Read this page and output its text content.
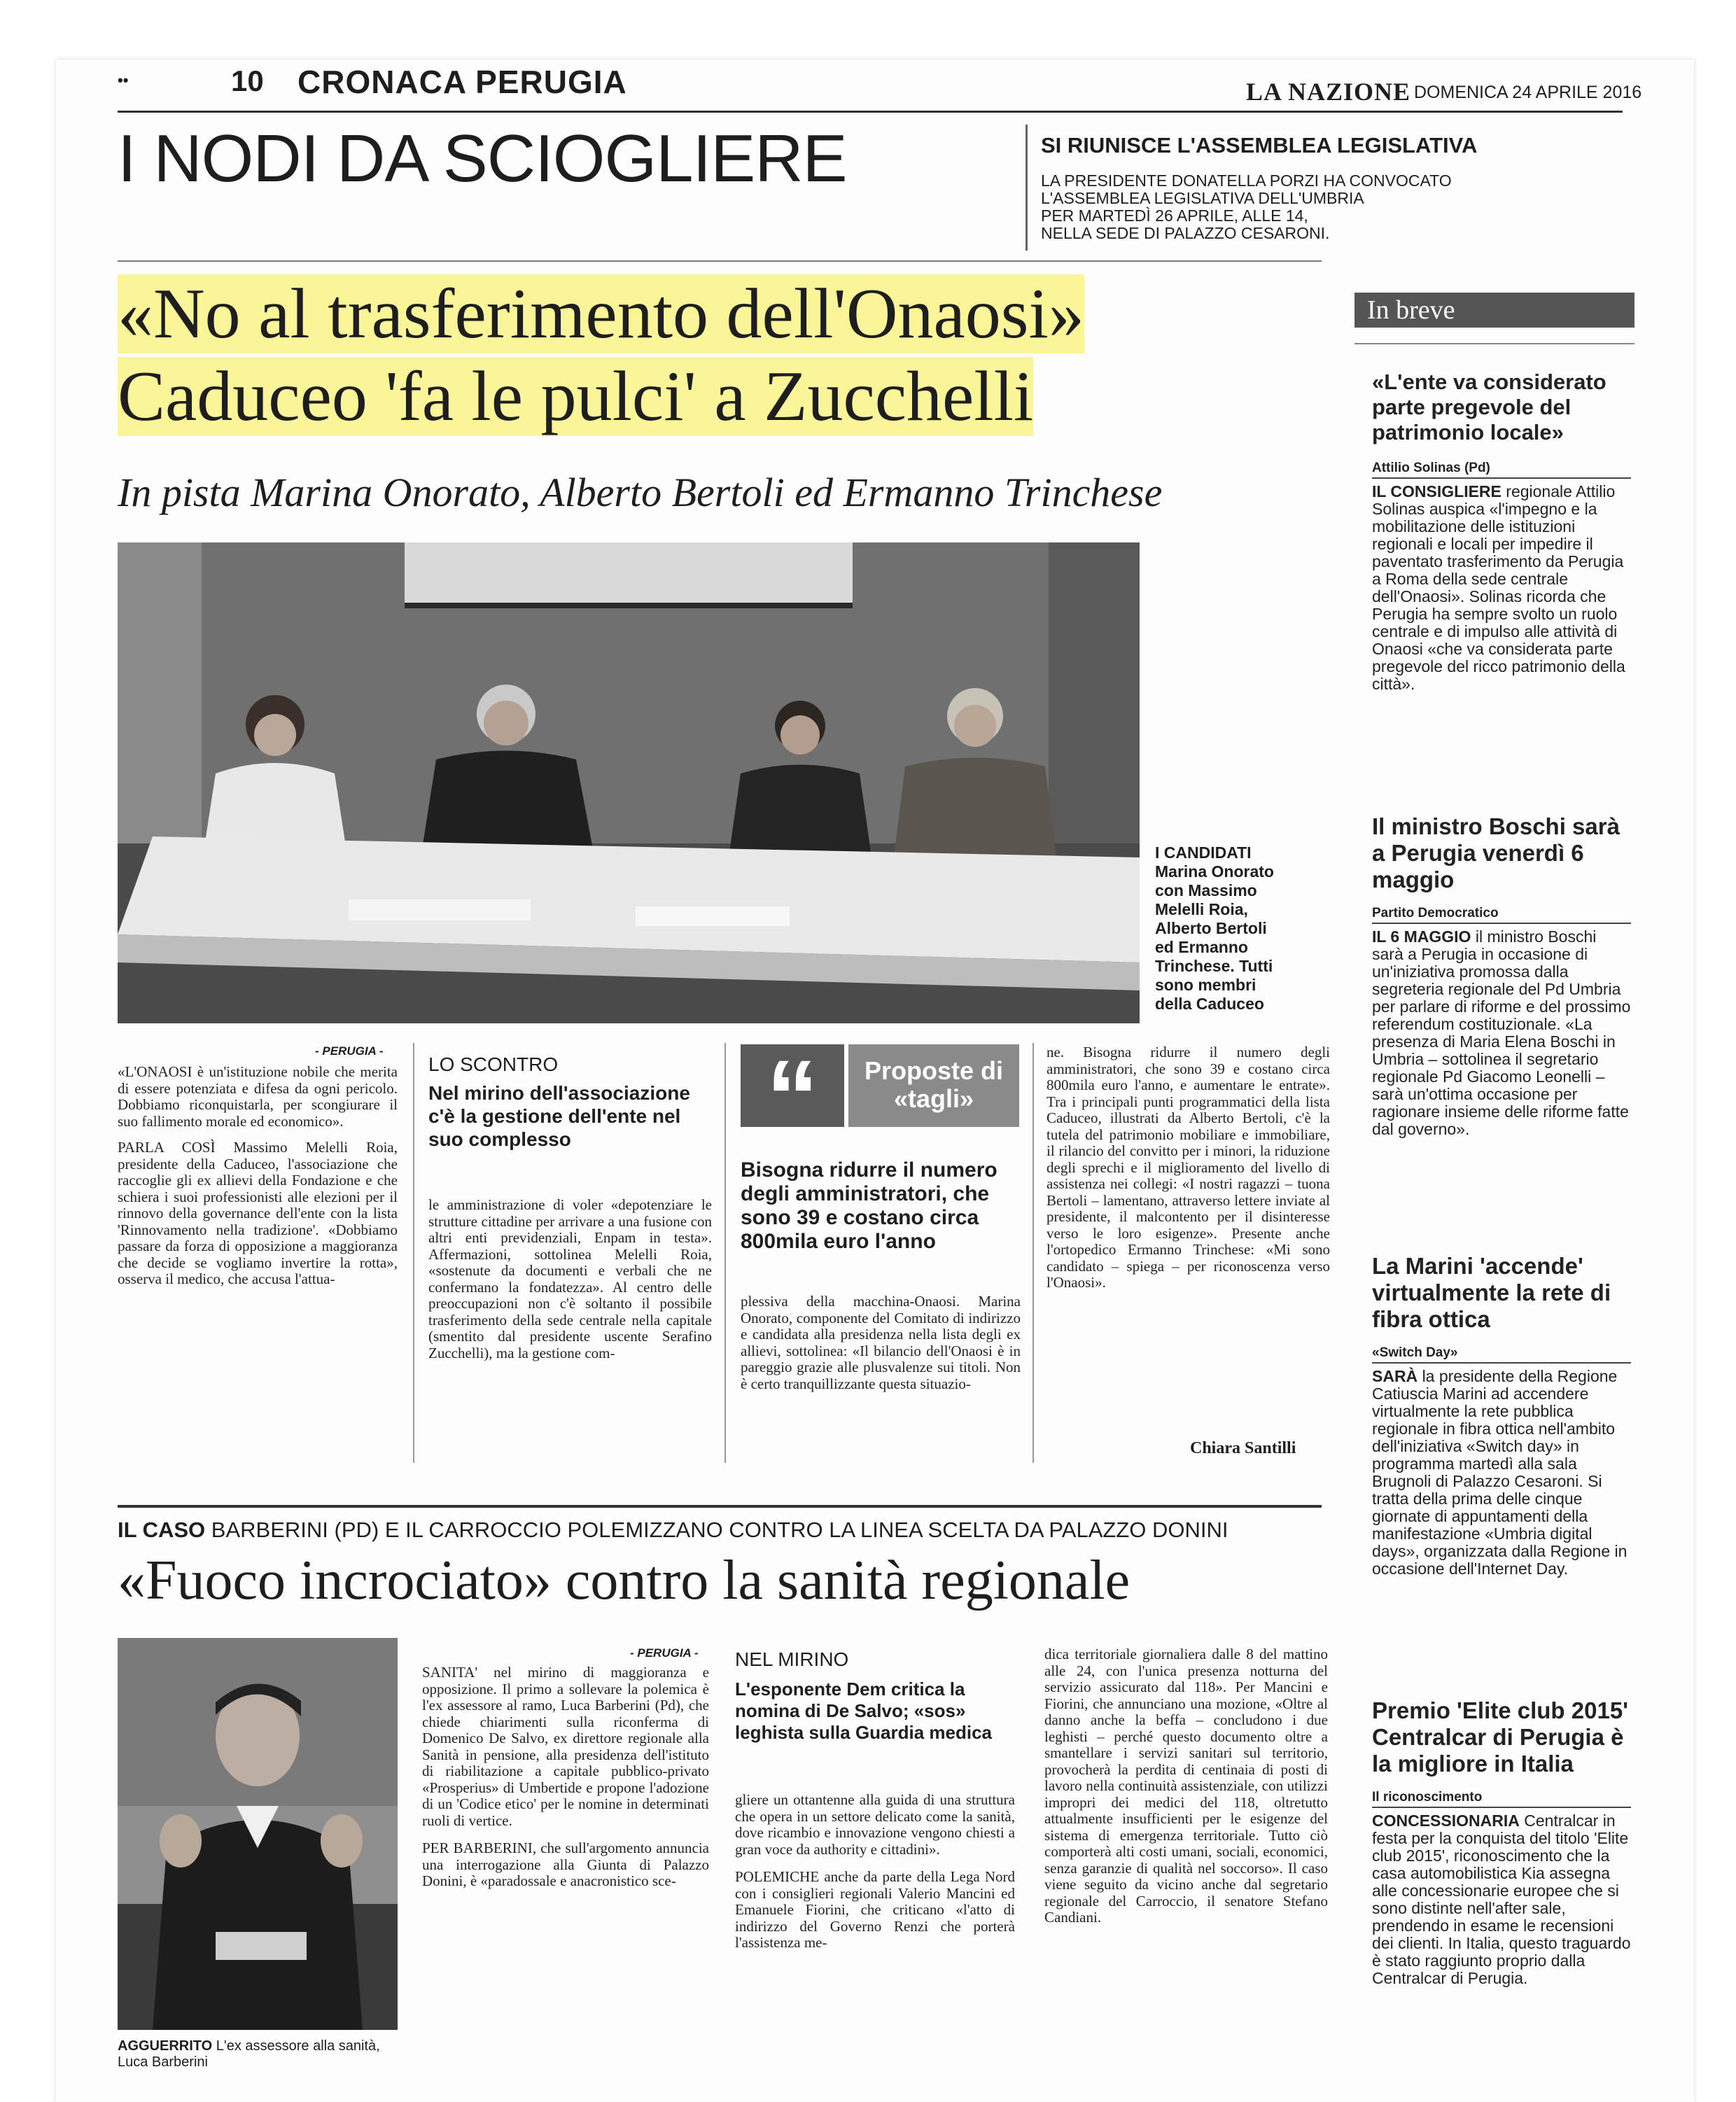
••	10 CRONACA PERUGIA	LA NAZIONE DOMENICA 24 APRILE 2016
I NODI DA SCIOGLIERE	SI RIUNISCE L'ASSEMBLEA LEGISLATIVA
LA PRESIDENTE DONATELLA PORZI HA CONVOCATO
L'ASSEMBLEA LEGISLATIVA DELL'UMBRIA
PER MARTEDÌ 26 APRILE, ALLE 14,
NELLA SEDE DI PALAZZO CESARONI.
«No al trasferimento dell'Onaosi»
Caduceo 'fa le pulci' a Zucchelli
In pista Marina Onorato, Alberto Bertoli ed Ermanno Trinchese
I CANDIDATI
Marina Onorato
con Massimo
Melelli Roia,
Alberto Bertoli
ed Ermanno
Trinchese. Tutti
sono membri
della Caduceo
- PERUGIA -

«L'ONAOSI è un'istituzione nobile che merita di essere potenziata e difesa da ogni pericolo. Dobbiamo riconquistarla, per scongiurare il suo fallimento morale ed economico».

PARLA COSÌ Massimo Melelli Roia, presidente della Caduceo, l'associazione che raccoglie gli ex allievi della Fondazione e che schiera i suoi professionisti alle elezioni per il rinnovo della governance dell'ente con la lista 'Rinnovamento nella tradizione'. «Dobbiamo passare da forza di opposizione a maggioranza che decide se vogliamo invertire la rotta», osserva il medico, che accusa l'attua-

LO SCONTRO
Nel mirino dell'associazione c'è la gestione dell'ente nel suo complesso

le amministrazione di voler «depotenziare le strutture cittadine per arrivare a una fusione con altri enti previdenziali, Enpam in testa». Affermazioni, sottolinea Melelli Roia, «sostenute da documenti e verbali che ne confermano la fondatezza». Al centro delle preoccupazioni non c'è soltanto il possibile trasferimento della sede centrale nella capitale (smentito dal presidente uscente Serafino Zucchelli), ma la gestione com-

“	Proposte di «tagli»
Bisogna ridurre il numero degli amministratori, che sono 39 e costano circa 800mila euro l'anno

plessiva della macchina-Onaosi. Marina Onorato, componente del Comitato di indirizzo e candidata alla presidenza nella lista degli ex allievi, sottolinea: «Il bilancio dell'Onaosi è in pareggio grazie alle plusvalenze sui titoli. Non è certo tranquillizzante questa situazio-

ne. Bisogna ridurre il numero degli amministratori, che sono 39 e costano circa 800mila euro l'anno, e aumentare le entrate». Tra i principali punti programmatici della lista Caduceo, illustrati da Alberto Bertoli, c'è la tutela del patrimonio mobiliare e immobiliare, il rilancio del convitto per i minori, la riduzione degli sprechi e il miglioramento del livello di assistenza nei collegi: «I nostri ragazzi – tuona Bertoli – lamentano, attraverso lettere inviate al presidente, il malcontento per il disinteresse verso le loro esigenze». Presente anche l'ortopedico Ermanno Trinchese: «Mi sono candidato – spiega – per riconoscenza verso l'Onaosi».

Chiara Santilli
IL CASO BARBERINI (PD) E IL CARROCCIO POLEMIZZANO CONTRO LA LINEA SCELTA DA PALAZZO DONINI
«Fuoco incrociato» contro la sanità regionale
AGGUERRITO L'ex assessore alla sanità, Luca Barberini
- PERUGIA -

SANITA' nel mirino di maggioranza e opposizione. Il primo a sollevare la polemica è l'ex assessore al ramo, Luca Barberini (Pd), che chiede chiarimenti sulla riconferma di Domenico De Salvo, ex direttore regionale alla Sanità in pensione, alla presidenza dell'istituto di riabilitazione a capitale pubblico-privato «Prosperius» di Umbertide e propone l'adozione di un 'Codice etico' per le nomine in determinati ruoli di vertice.

PER BARBERINI, che sull'argomento annuncia una interrogazione alla Giunta di Palazzo Donini, è «paradossale e anacronistico sce-

NEL MIRINO
L'esponente Dem critica la nomina di De Salvo; «sos» leghista sulla Guardia medica

gliere un ottantenne alla guida di una struttura che opera in un settore delicato come la sanità, dove ricambio e innovazione vengono chiesti a gran voce da authority e cittadini».

POLEMICHE anche da parte della Lega Nord con i consiglieri regionali Valerio Mancini ed Emanuele Fiorini, che criticano «l'atto di indirizzo del Governo Renzi che porterà l'assistenza me-

dica territoriale giornaliera dalle 8 del mattino alle 24, con l'unica presenza notturna del servizio assicurato dal 118». Per Mancini e Fiorini, che annunciano una mozione, «Oltre al danno anche la beffa – concludono i due leghisti – perché questo documento oltre a smantellare i servizi sanitari sul territorio, provocherà la perdita di centinaia di posti di lavoro nella continuità assistenziale, con utilizzi impropri dei medici del 118, oltretutto attualmente insufficienti per le esigenze del sistema di emergenza territoriale. Tutto ciò comporterà alti costi umani, sociali, economici, senza garanzie di qualità nel soccorso». Il caso viene seguito da vicino anche dal segretario regionale del Carroccio, il senatore Stefano Candiani.

In breve
«L'ente va considerato parte pregevole del patrimonio locale»
Attilio Solinas (Pd)
IL CONSIGLIERE regionale Attilio Solinas auspica «l'impegno e la mobilitazione delle istituzioni regionali e locali per impedire il paventato trasferimento da Perugia a Roma della sede centrale dell'Onaosi». Solinas ricorda che Perugia ha sempre svolto un ruolo centrale e di impulso alle attività di Onaosi «che va considerata parte pregevole del ricco patrimonio della città».
Il ministro Boschi sarà a Perugia venerdì 6 maggio
Partito Democratico
IL 6 MAGGIO il ministro Boschi sarà a Perugia in occasione di un'iniziativa promossa dalla segreteria regionale del Pd Umbria per parlare di riforme e del prossimo referendum costituzionale. «La presenza di Maria Elena Boschi in Umbria – sottolinea il segretario regionale Pd Giacomo Leonelli – sarà un'ottima occasione per ragionare insieme delle riforme fatte dal governo».
La Marini 'accende' virtualmente la rete di fibra ottica
«Switch Day»
SARÀ la presidente della Regione Catiuscia Marini ad accendere virtualmente la rete pubblica regionale in fibra ottica nell'ambito dell'iniziativa «Switch day» in programma martedì alla sala Brugnoli di Palazzo Cesaroni. Si tratta della prima delle cinque giornate di appuntamenti della manifestazione «Umbria digital days», organizzata dalla Regione in occasione dell'Internet Day.
Premio 'Elite club 2015' Centralcar di Perugia è la migliore in Italia
Il riconoscimento
CONCESSIONARIA Centralcar in festa per la conquista del titolo 'Elite club 2015', riconoscimento che la casa automobilistica Kia assegna alle concessionarie europee che si sono distinte nell'after sale, prendendo in esame le recensioni dei clienti. In Italia, questo traguardo è stato raggiunto proprio dalla Centralcar di Perugia.
